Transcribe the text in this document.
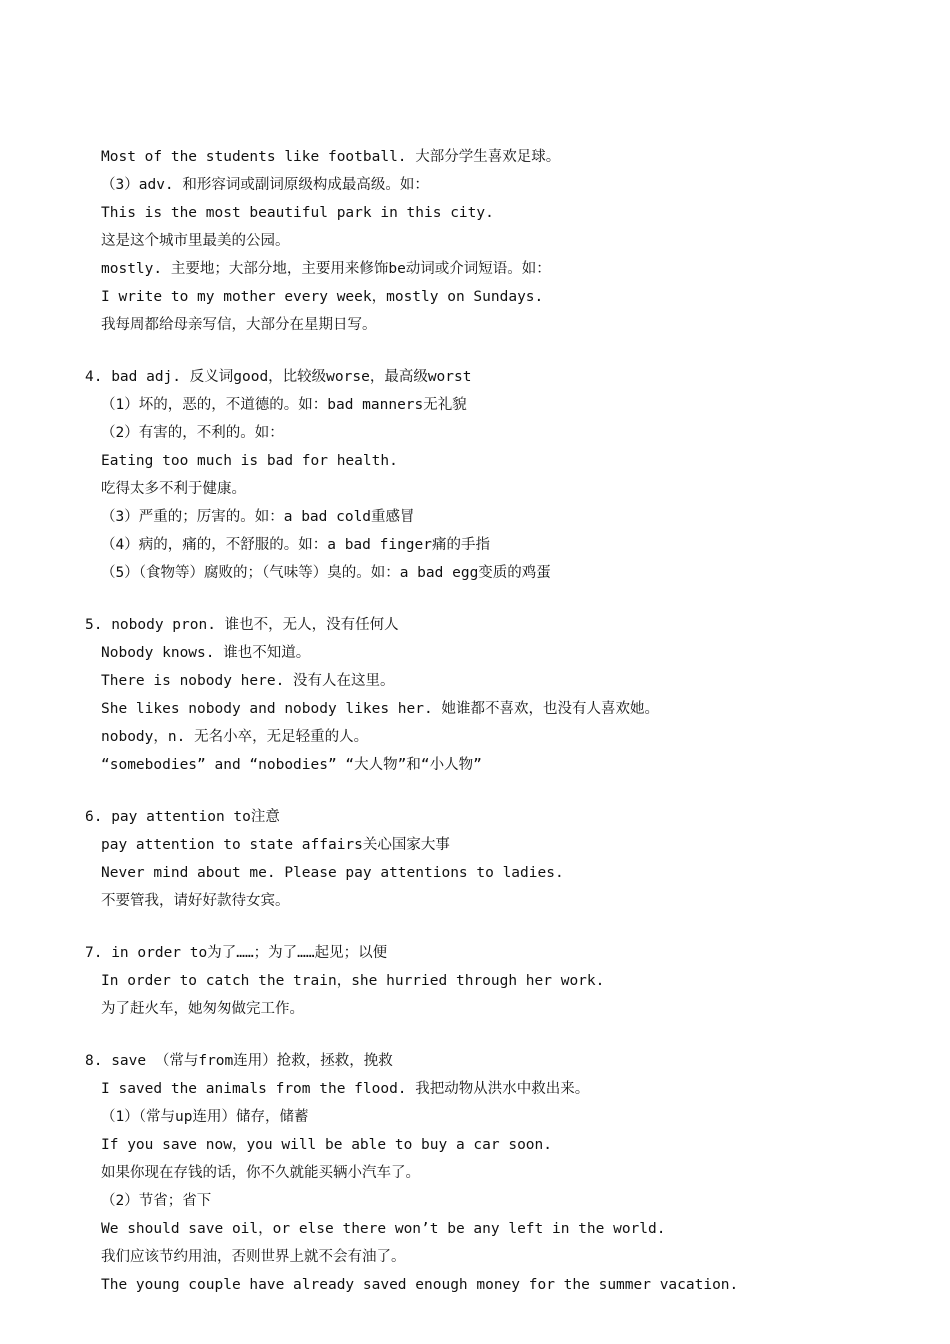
Most of the students like football. 大部分学生喜欢足球。
（3）adv. 和形容词或副词原级构成最高级。如：
This is the most beautiful park in this city.
这是这个城市里最美的公园。
mostly. 主要地；大部分地，主要用来修饰be动词或介词短语。如：
I write to my mother every week，mostly on Sundays.
我每周都给母亲写信，大部分在星期日写。
4. bad adj. 反义词good，比较级worse，最高级worst
（1）坏的，恶的，不道德的。如：bad manners无礼貌
（2）有害的，不利的。如：
Eating too much is bad for health.
吃得太多不利于健康。
（3）严重的；厉害的。如：a bad cold重感冒
（4）病的，痛的，不舒服的。如：a bad finger痛的手指
（5）（食物等）腐败的；（气味等）臭的。如：a bad egg变质的鸡蛋
5. nobody pron. 谁也不，无人，没有任何人
Nobody knows. 谁也不知道。
There is nobody here. 没有人在这里。
She likes nobody and nobody likes her. 她谁都不喜欢，也没有人喜欢她。
nobody，n. 无名小卒，无足轻重的人。
“somebodies” and “nobodies” “大人物”和“小人物”
6. pay attention to注意
pay attention to state affairs关心国家大事
Never mind about me. Please pay attentions to ladies.
不要管我，请好好款待女宾。
7. in order to为了……；为了……起见；以便
In order to catch the train，she hurried through her work.
为了赶火车，她匆匆做完工作。
8. save （常与from连用）抢救，拯救，挽救
I saved the animals from the flood. 我把动物从洪水中救出来。
（1）（常与up连用）储存，储蓄
If you save now，you will be able to buy a car soon.
如果你现在存钱的话，你不久就能买辆小汽车了。
（2）节省；省下
We should save oil，or else there won’t be any left in the world.
我们应该节约用油，否则世界上就不会有油了。
The young couple have already saved enough money for the summer vacation.
